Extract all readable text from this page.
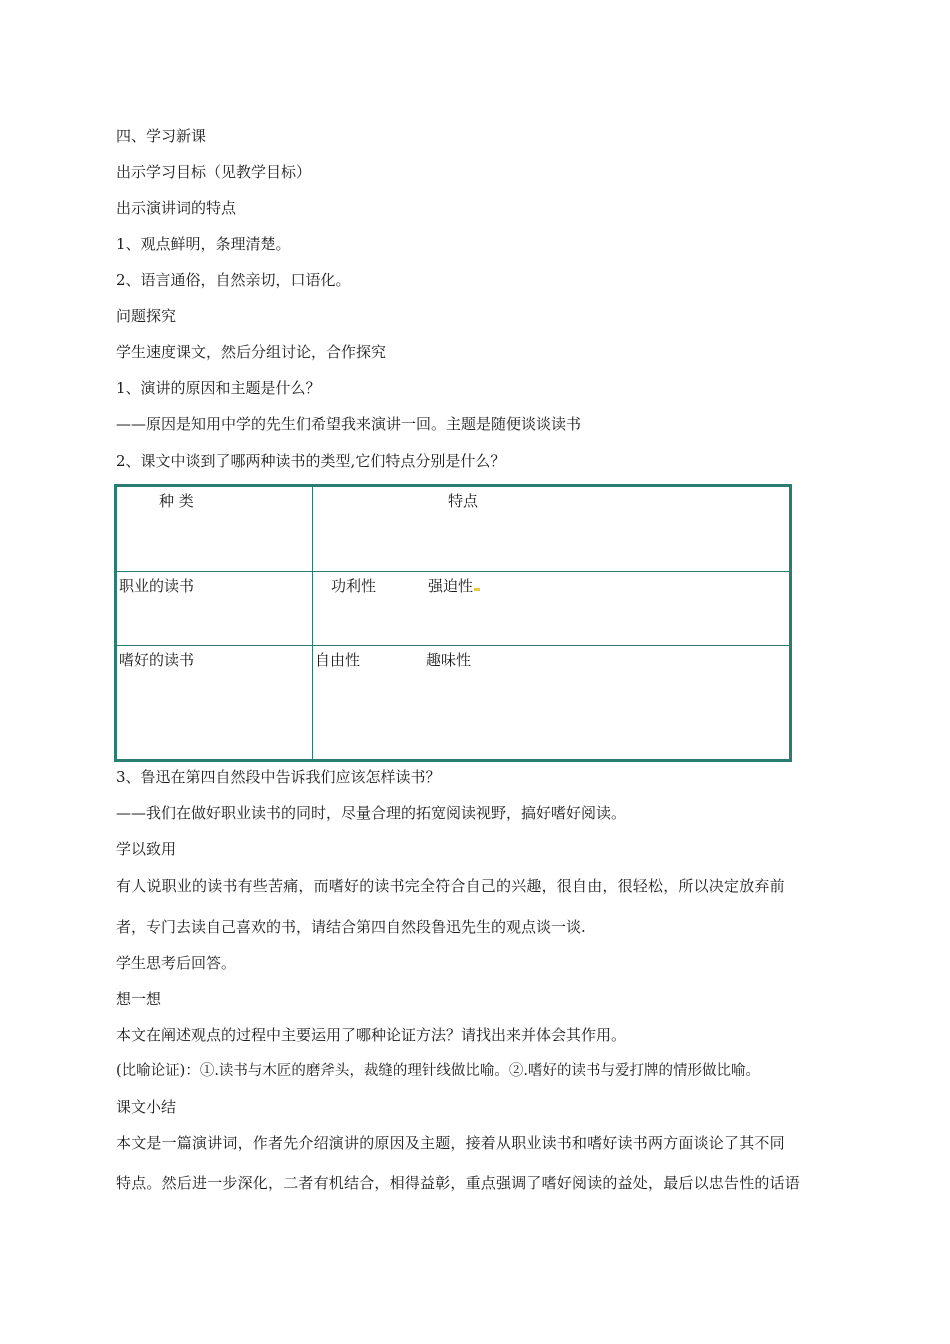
四、学习新课
出示学习目标（见教学目标）
出示演讲词的特点
1、观点鲜明，条理清楚。
2、语言通俗，自然亲切，口语化。
问题探究
学生速度课文，然后分组讨论，合作探究
1、演讲的原因和主题是什么？
——原因是知用中学的先生们希望我来演讲一回。主题是随便谈谈读书
2、课文中谈到了哪两种读书的类型,它们特点分别是什么？
种 类	特点
职业的读书	功利性 强迫性
嗜好的读书	自由性 趣味性
3、鲁迅在第四自然段中告诉我们应该怎样读书？
——我们在做好职业读书的同时，尽量合理的拓宽阅读视野，搞好嗜好阅读。
学以致用
有人说职业的读书有些苦痛，而嗜好的读书完全符合自己的兴趣，很自由，很轻松，所以决定放弃前
者，专门去读自己喜欢的书，请结合第四自然段鲁迅先生的观点谈一谈.
学生思考后回答。
想一想
本文在阐述观点的过程中主要运用了哪种论证方法？请找出来并体会其作用。
(比喻论证)：①.读书与木匠的磨斧头，裁缝的理针线做比喻。②.嗜好的读书与爱打牌的情形做比喻。
课文小结
本文是一篇演讲词，作者先介绍演讲的原因及主题，接着从职业读书和嗜好读书两方面谈论了其不同
特点。然后进一步深化，二者有机结合，相得益彰，重点强调了嗜好阅读的益处，最后以忠告性的话语
